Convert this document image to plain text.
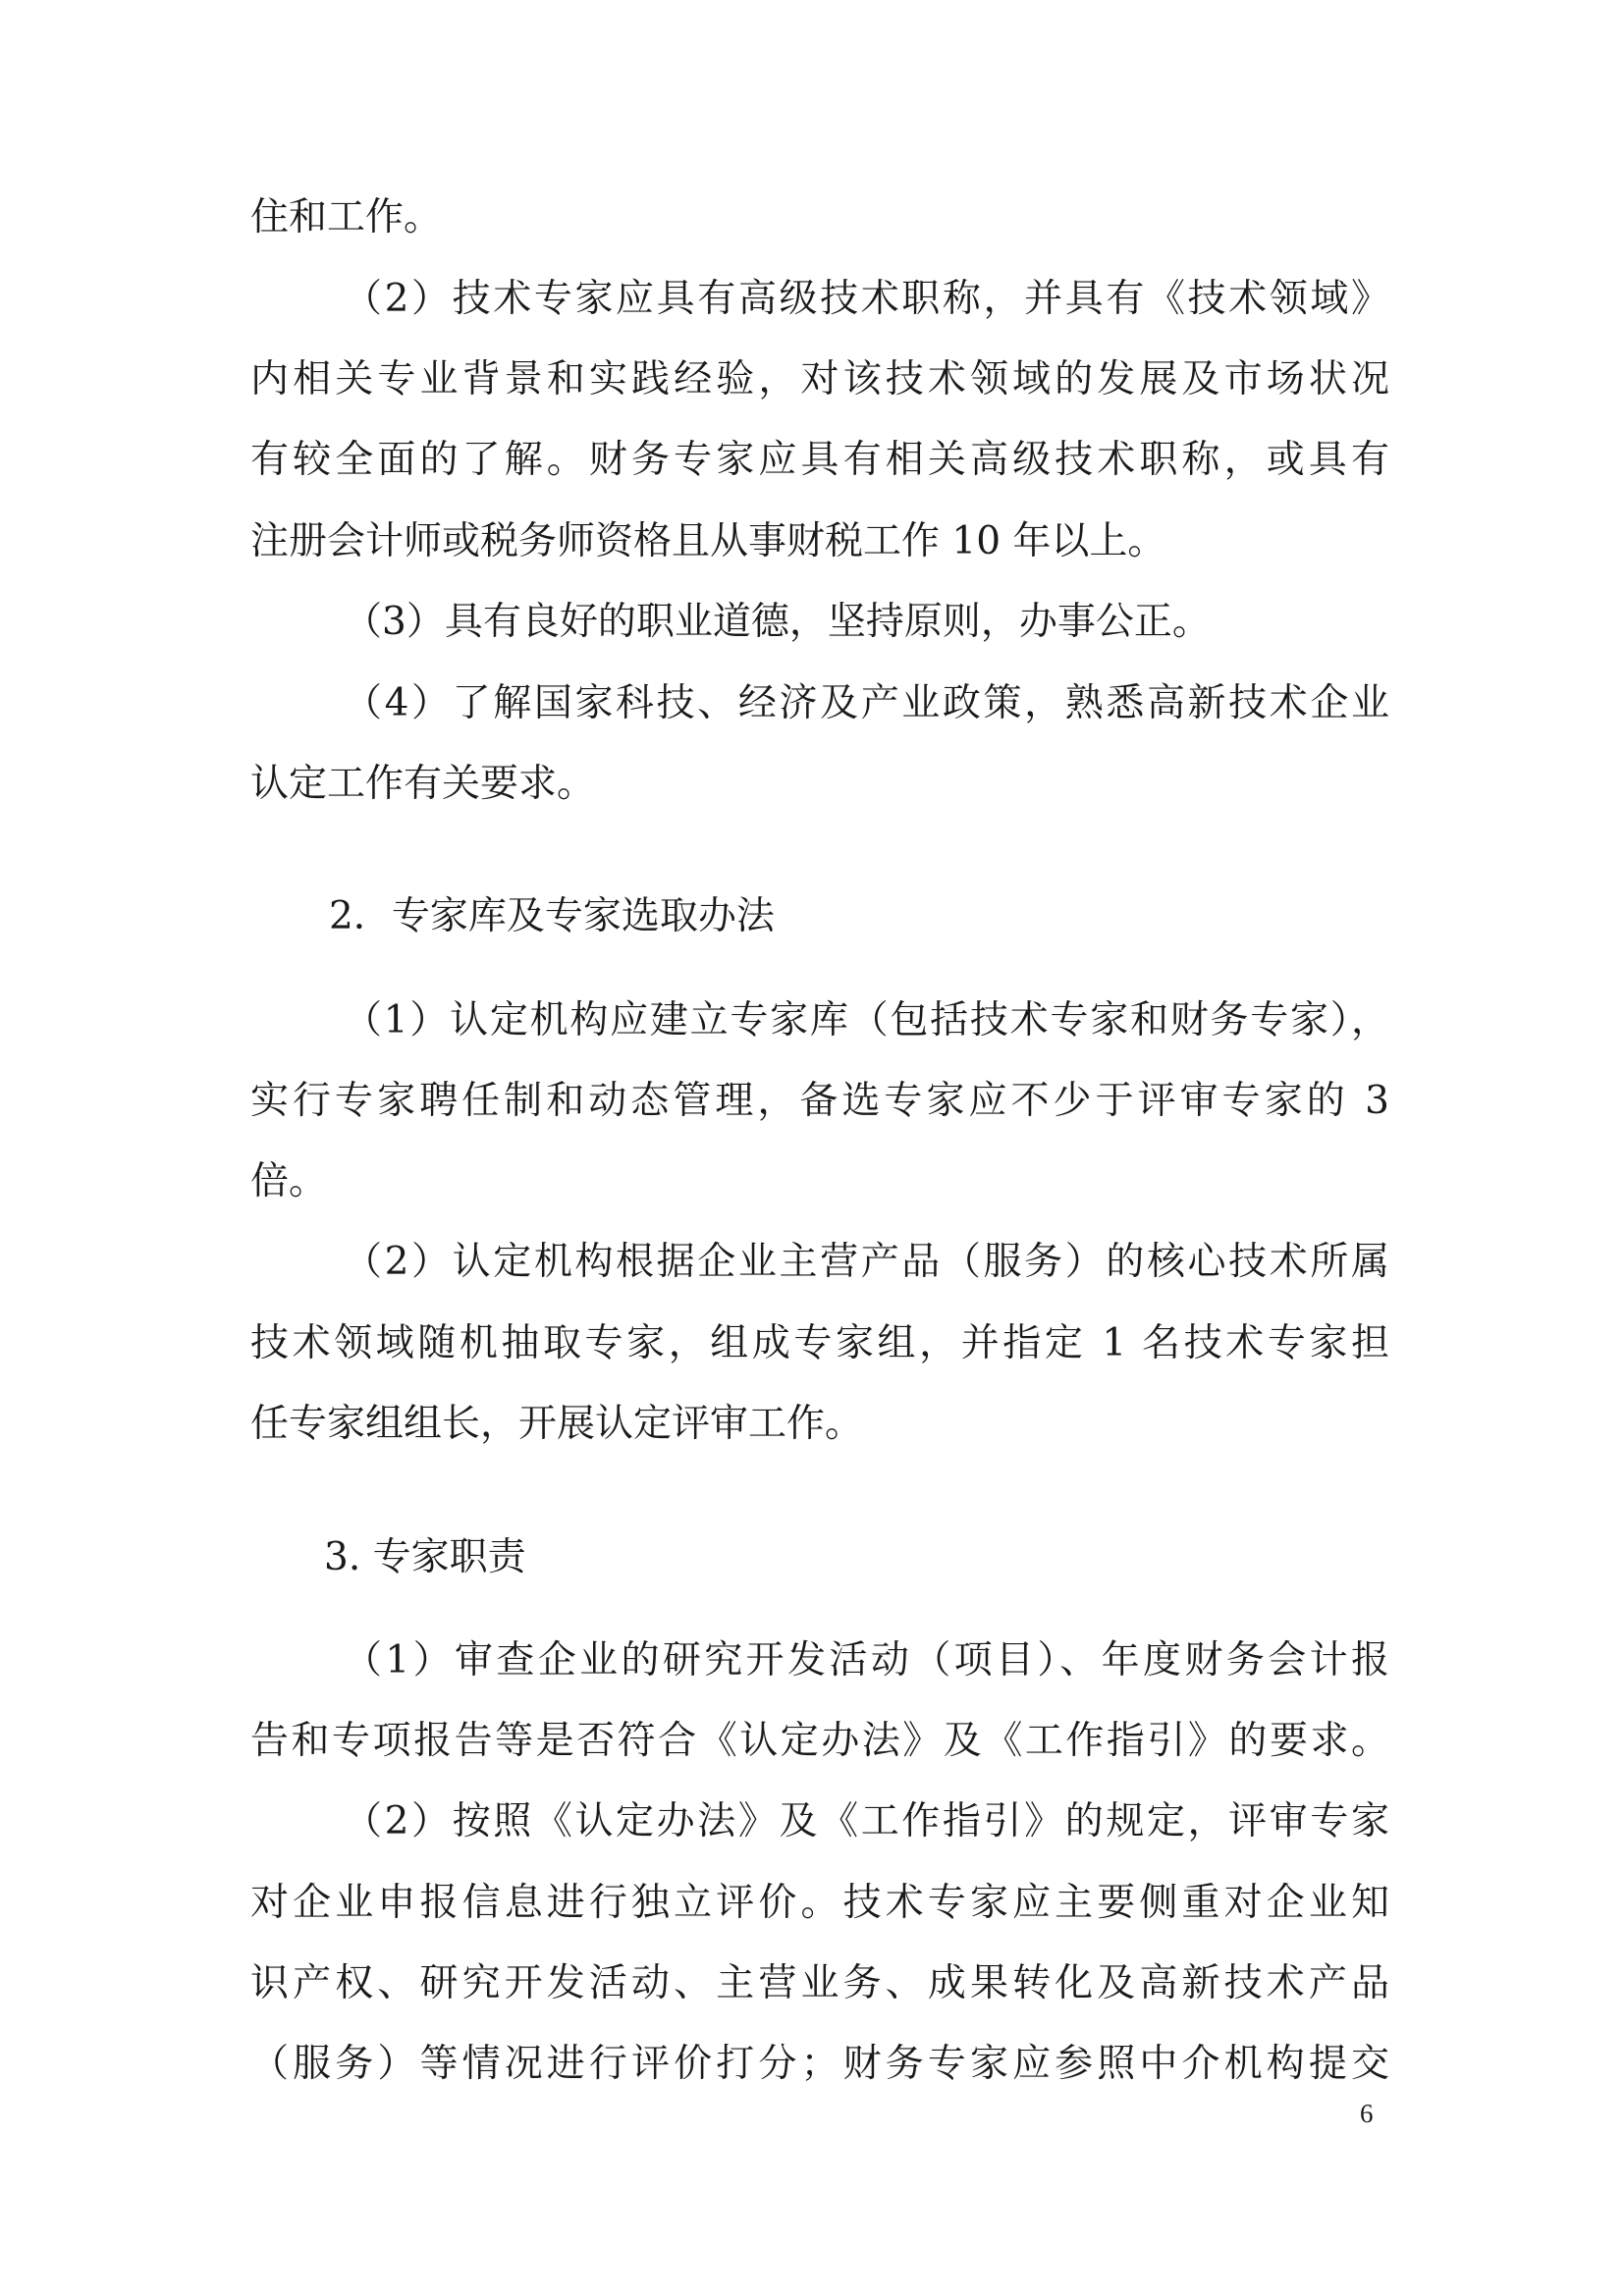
住和工作。
（2）技术专家应具有高级技术职称，并具有《技术领域》
内相关专业背景和实践经验，对该技术领域的发展及市场状况
有较全面的了解。财务专家应具有相关高级技术职称，或具有
注册会计师或税务师资格且从事财税工作 10 年以上。
（3）具有良好的职业道德，坚持原则，办事公正。
（4）了解国家科技、经济及产业政策，熟悉高新技术企业
认定工作有关要求。
2．专家库及专家选取办法
（1）认定机构应建立专家库（包括技术专家和财务专家），
实行专家聘任制和动态管理，备选专家应不少于评审专家的 3
倍。
（2）认定机构根据企业主营产品（服务）的核心技术所属
技术领域随机抽取专家，组成专家组，并指定 1 名技术专家担
任专家组组长，开展认定评审工作。
3. 专家职责
（1）审查企业的研究开发活动（项目）、年度财务会计报
告和专项报告等是否符合《认定办法》及《工作指引》的要求。
（2）按照《认定办法》及《工作指引》的规定，评审专家
对企业申报信息进行独立评价。技术专家应主要侧重对企业知
识产权、研究开发活动、主营业务、成果转化及高新技术产品
（服务）等情况进行评价打分；财务专家应参照中介机构提交
6
